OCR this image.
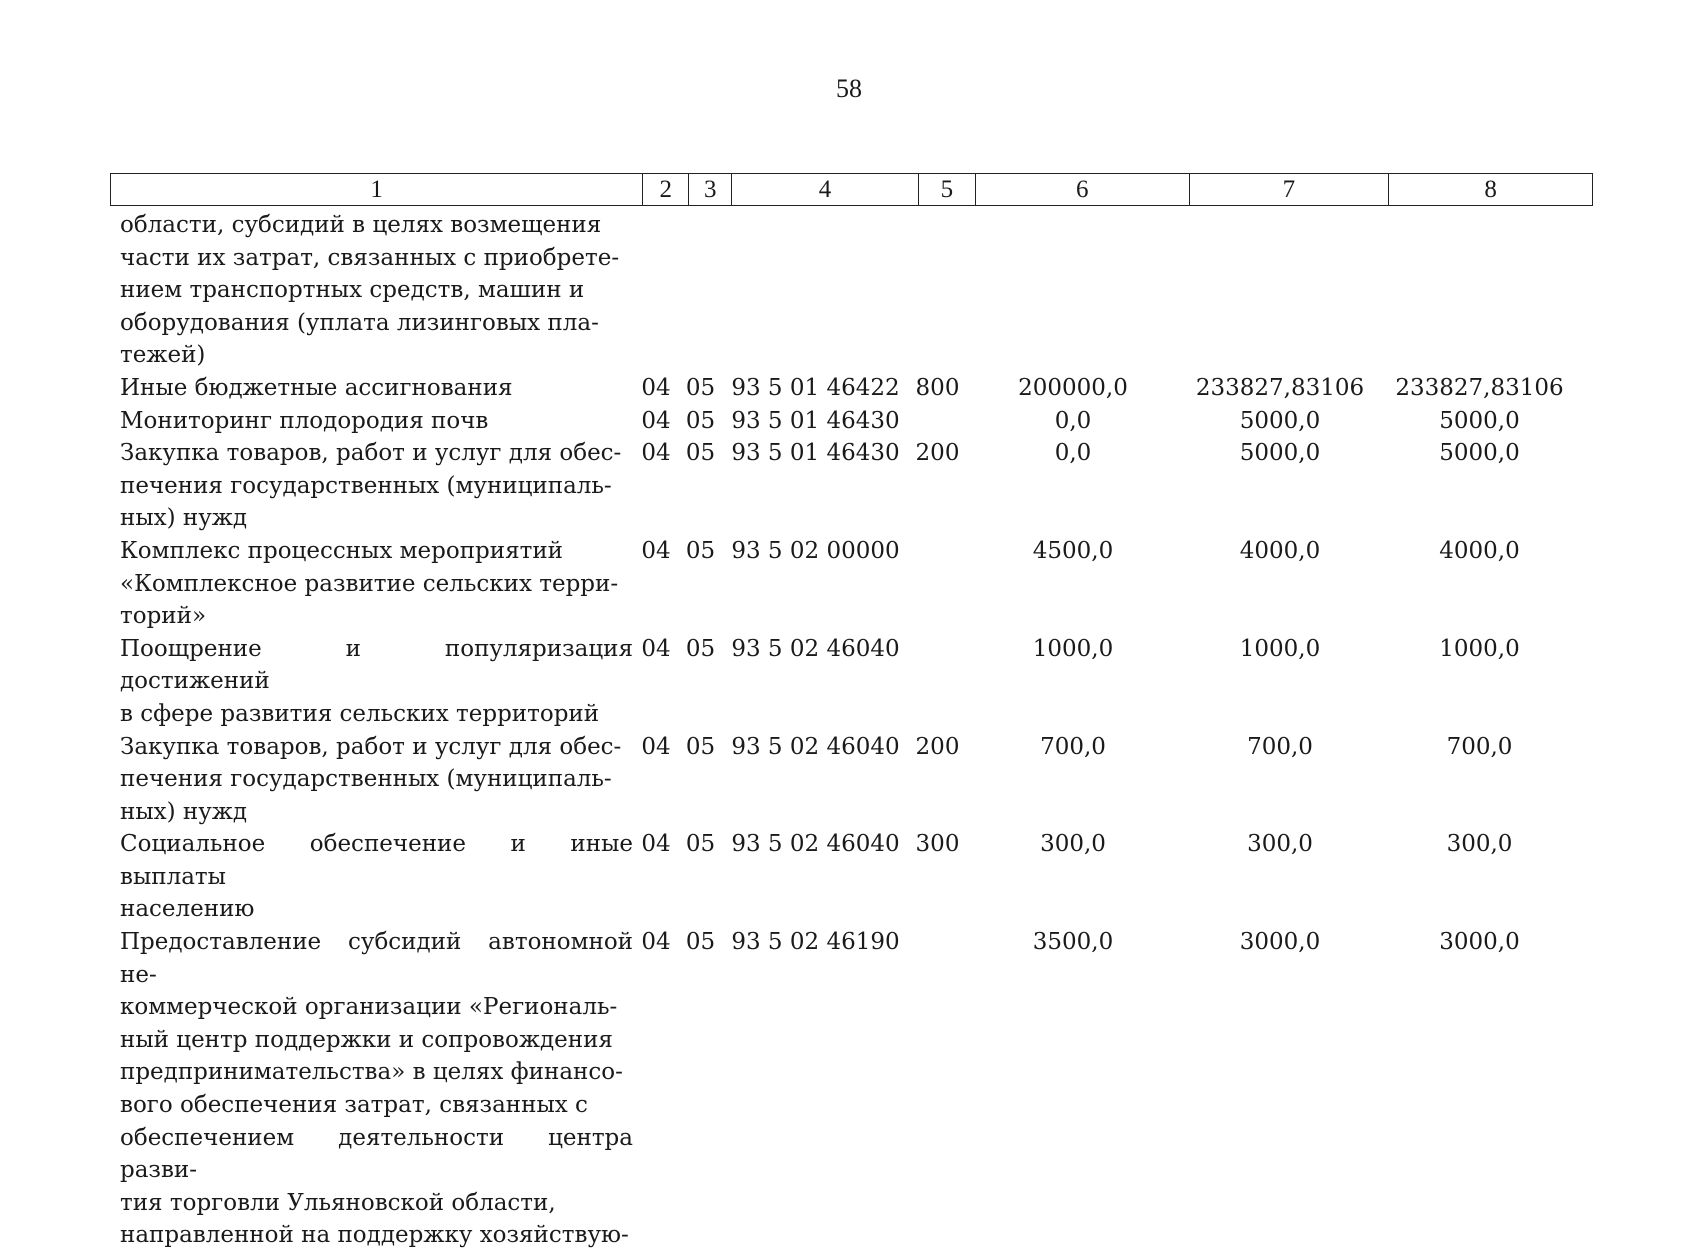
58
1	2	3	4	5	6	7	8
области, субсидий в целях возмещения
части их затрат, связанных с приобрете-
нием транспортных средств, машин и
оборудования (уплата лизинговых пла-
тежей)
Иные бюджетные ассигнования	04 05 93 5 01 46422 800	200000,0	233827,83106	233827,83106
Мониторинг плодородия почв	04 05 93 5 01 46430	0,0	5000,0	5000,0
Закупка товаров, работ и услуг для обес-
печения государственных (муниципаль-
ных) нужд
04 05 93 5 01 46430 200	0,0	5000,0	5000,0
Комплекс процессных мероприятий
«Комплексное развитие сельских терри-
торий»
04 05 93 5 02 00000	4500,0	4000,0	4000,0
Поощрение и популяризация достижений
в сфере развития сельских территорий
04 05 93 5 02 46040	1000,0	1000,0	1000,0
Закупка товаров, работ и услуг для обес-
печения государственных (муниципаль-
ных) нужд
04 05 93 5 02 46040 200	700,0	700,0	700,0
Социальное обеспечение и иные выплаты
населению
04 05 93 5 02 46040 300	300,0	300,0	300,0
Предоставление субсидий автономной не-
коммерческой организации «Региональ-
ный центр поддержки и сопровождения
предпринимательства» в целях финансо-
вого обеспечения затрат, связанных с
обеспечением деятельности центра разви-
тия торговли Ульяновской области,
направленной на поддержку хозяйствую-
04 05 93 5 02 46190	3500,0	3000,0	3000,0
